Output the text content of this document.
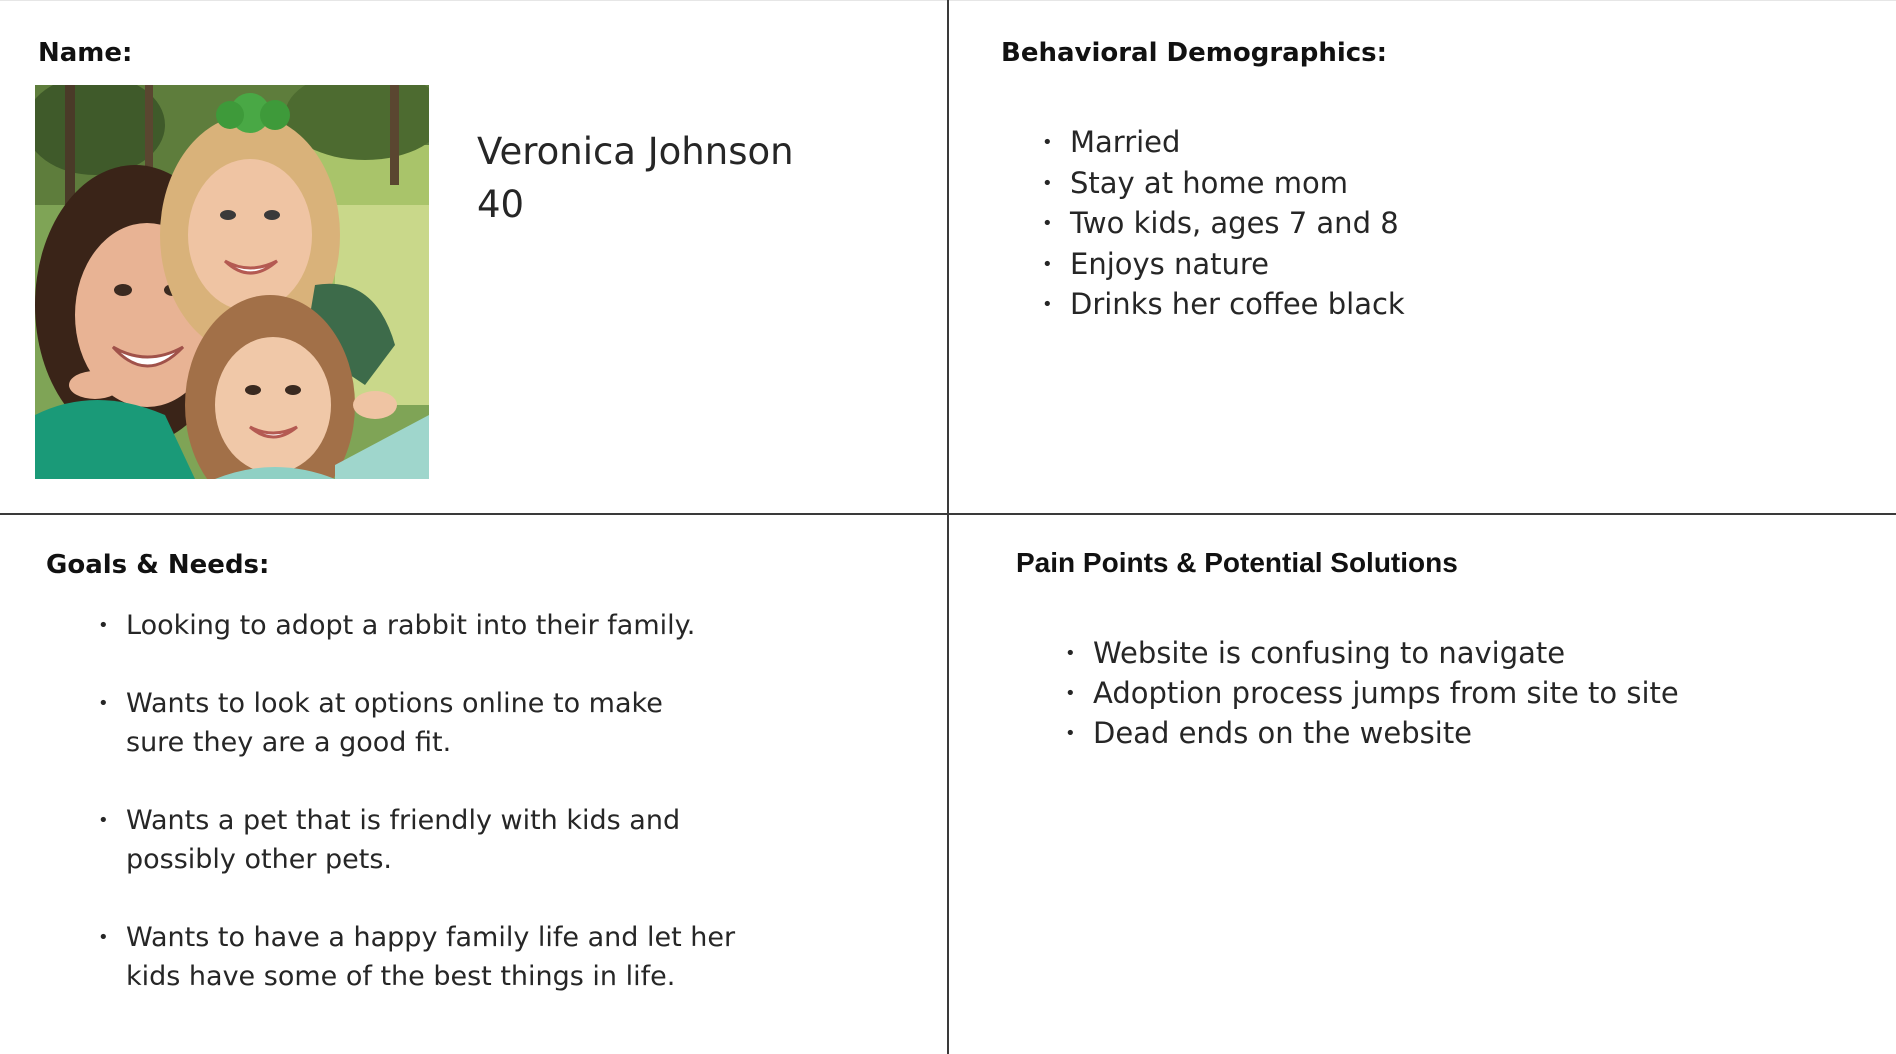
Name:
Veronica Johnson
40
Behavioral Demographics:
• Married
• Stay at home mom
• Two kids, ages 7 and 8
• Enjoys nature
• Drinks her coffee black
Goals & Needs:
• Looking to adopt a rabbit into their family.
• Wants to look at options online to make
sure they are a good fit.
• Wants a pet that is friendly with kids and
possibly other pets.
• Wants to have a happy family life and let her
kids have some of the best things in life.
Pain Points & Potential Solutions
• Website is confusing to navigate
• Adoption process jumps from site to site
• Dead ends on the website
